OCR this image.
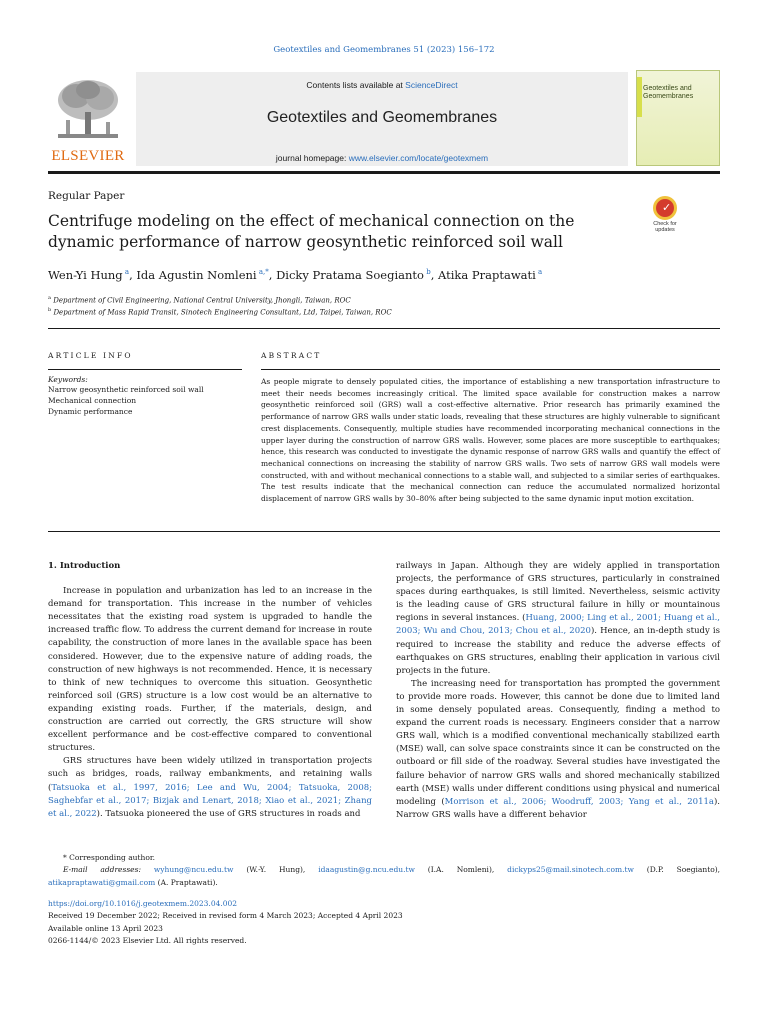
Geotextiles and Geomembranes 51 (2023) 156–172
ELSEVIER
Contents lists available at ScienceDirect
Geotextiles and Geomembranes
journal homepage: www.elsevier.com/locate/geotexmem
Geotextiles and Geomembranes
Regular Paper
Centrifuge modeling on the effect of mechanical connection on the dynamic performance of narrow geosynthetic reinforced soil wall
✓
Check for updates
Wen-Yi Hung $^a$, Ida Agustin Nomleni $^{a,*}$, Dicky Pratama Soegianto $^b$, Atika Praptawati $^a$
$^a$ Department of Civil Engineering, National Central University, Jhongli, Taiwan, ROC
$^b$ Department of Mass Rapid Transit, Sinotech Engineering Consultant, Ltd, Taipei, Taiwan, ROC
ARTICLE INFO	ABSTRACT
Keywords:
Narrow geosynthetic reinforced soil wall
Mechanical connection
Dynamic performance
As people migrate to densely populated cities, the importance of establishing a new transportation infrastructure to meet their needs becomes increasingly critical. The limited space available for construction makes a narrow geosynthetic reinforced soil (GRS) wall a cost-effective alternative. Prior research has primarily examined the performance of narrow GRS walls under static loads, revealing that these structures are highly vulnerable to significant crest displacements. Consequently, multiple studies have recommended incorporating mechanical connections in the upper layer during the construction of narrow GRS walls. However, some places are more susceptible to earthquakes; hence, this research was conducted to investigate the dynamic response of narrow GRS walls and quantify the effect of mechanical connections on increasing the stability of narrow GRS walls. Two sets of narrow GRS wall models were constructed, with and without mechanical connections to a stable wall, and subjected to a similar series of earthquakes. The test results indicate that the mechanical connection can reduce the accumulated normalized horizontal displacement of narrow GRS walls by 30–80% after being subjected to the same dynamic input motion excitation.
1. Introduction

Increase in population and urbanization has led to an increase in the demand for transportation. This increase in the number of vehicles necessitates that the existing road system is upgraded to handle the increased traffic flow. To address the current demand for increase in route capability, the construction of more lanes in the available space has been considered. However, due to the expensive nature of adding roads, the construction of new highways is not recommended. Hence, it is necessary to think of new techniques to overcome this situation. Geosynthetic reinforced soil (GRS) structure is a low cost would be an alternative to expanding existing roads. Further, if the materials, design, and construction are carried out correctly, the GRS structure will show excellent performance and be cost-effective compared to conventional structures.

GRS structures have been widely utilized in transportation projects such as bridges, roads, railway embankments, and retaining walls (Tatsuoka et al., 1997, 2016; Lee and Wu, 2004; Tatsuoka, 2008; Saghebfar et al., 2017; Bizjak and Lenart, 2018; Xiao et al., 2021; Zhang et al., 2022). Tatsuoka pioneered the use of GRS structures in roads and

railways in Japan. Although they are widely applied in transportation projects, the performance of GRS structures, particularly in constrained spaces during earthquakes, is still limited. Nevertheless, seismic activity is the leading cause of GRS structural failure in hilly or mountainous regions in several instances. (Huang, 2000; Ling et al., 2001; Huang et al., 2003; Wu and Chou, 2013; Chou et al., 2020). Hence, an in-depth study is required to increase the stability and reduce the adverse effects of earthquakes on GRS structures, enabling their application in various civil projects in the future.

The increasing need for transportation has prompted the government to provide more roads. However, this cannot be done due to limited land in some densely populated areas. Consequently, finding a method to expand the current roads is necessary. Engineers consider that a narrow GRS wall, which is a modified conventional mechanically stabilized earth (MSE) wall, can solve space constraints since it can be constructed on the outboard or fill side of the roadway. Several studies have investigated the failure behavior of narrow GRS walls and shored mechanically stabilized earth (MSE) walls under different conditions using physical and numerical modeling (Morrison et al., 2006; Woodruff, 2003; Yang et al., 2011a). Narrow GRS walls have a different behavior

* Corresponding author.
E-mail addresses: wyhung@ncu.edu.tw (W.-Y. Hung), idaagustin@g.ncu.edu.tw (I.A. Nomleni), dickyps25@mail.sinotech.com.tw (D.P. Soegianto),
atikapraptawati@gmail.com (A. Praptawati).
https://doi.org/10.1016/j.geotexmem.2023.04.002
Received 19 December 2022; Received in revised form 4 March 2023; Accepted 4 April 2023
Available online 13 April 2023
0266-1144/© 2023 Elsevier Ltd. All rights reserved.
